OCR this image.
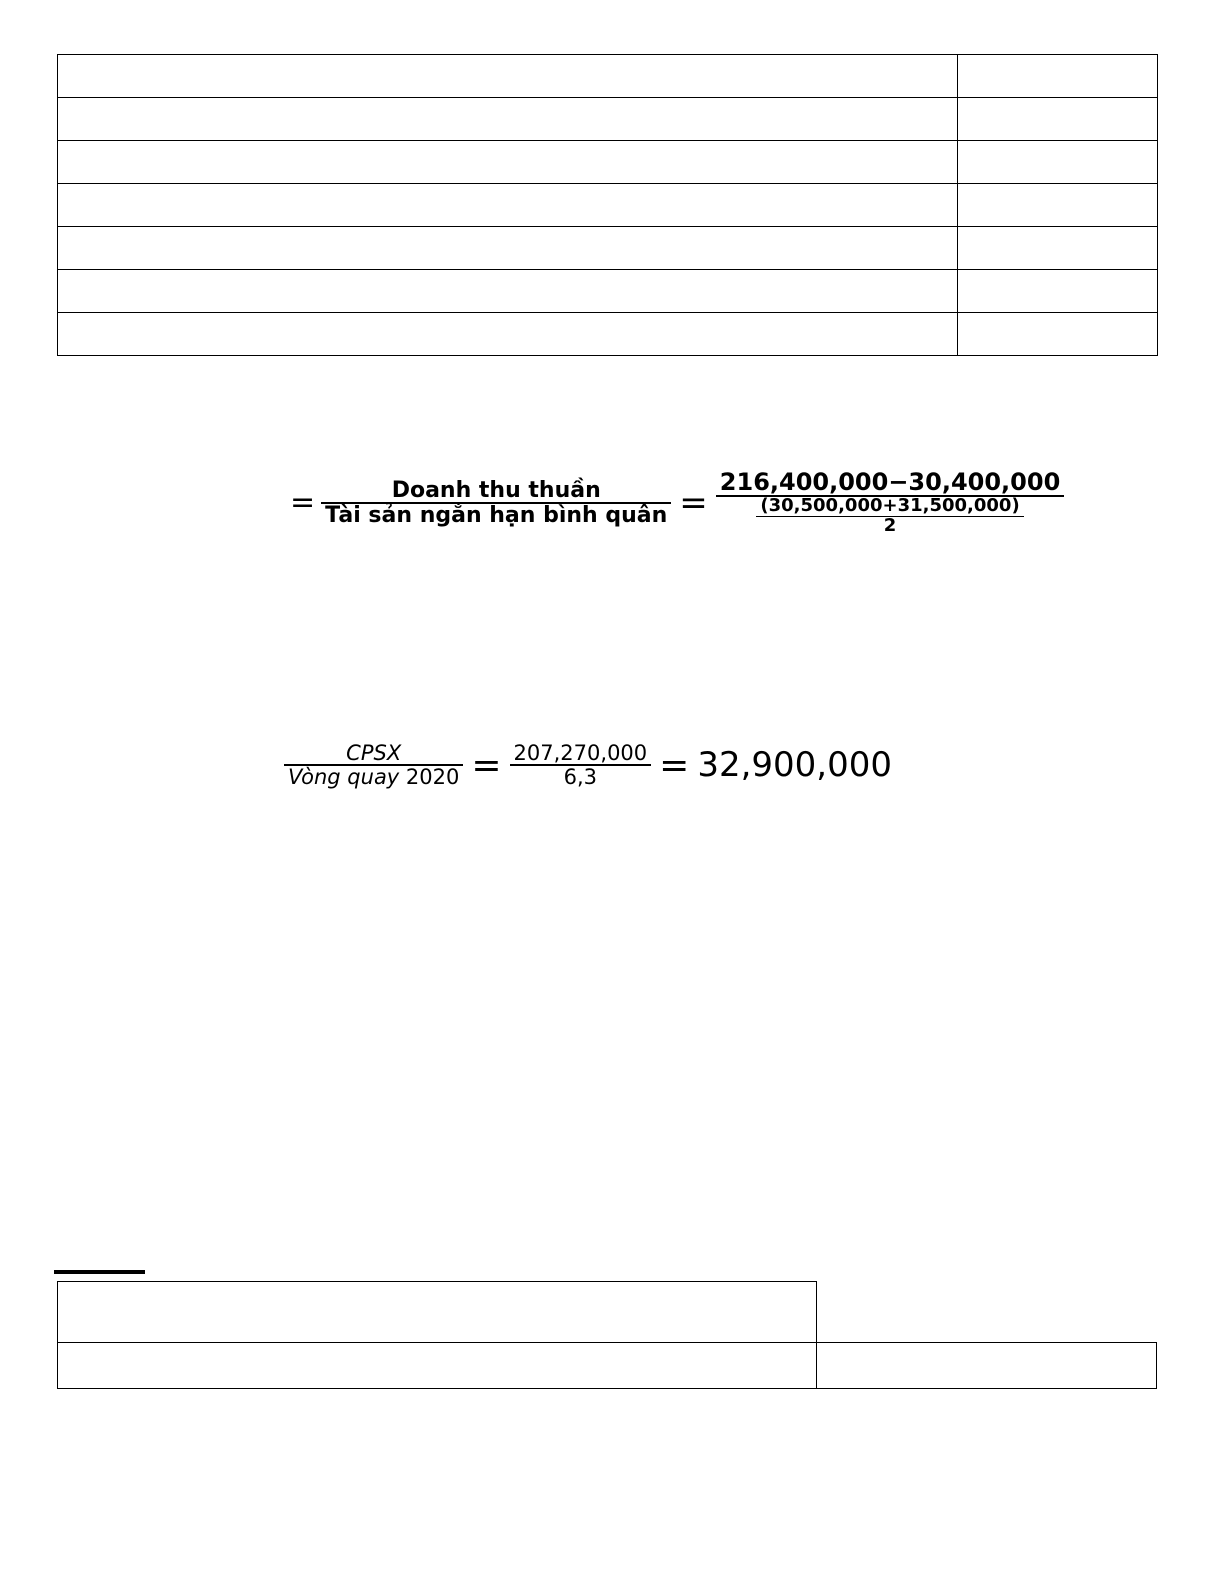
= $\frac{\text{Doanh thu thuần}}{\text{Tài sản ngắn hạn bình quân}} = \frac{216,400,000-30,400,000}{\frac{(30,500,000+31,500,000)}{2}}$
$\frac{\text{CPSX}}{\text{Vòng quay 2020}} = \frac{207,270,000}{6,3} = 32,900,000$
